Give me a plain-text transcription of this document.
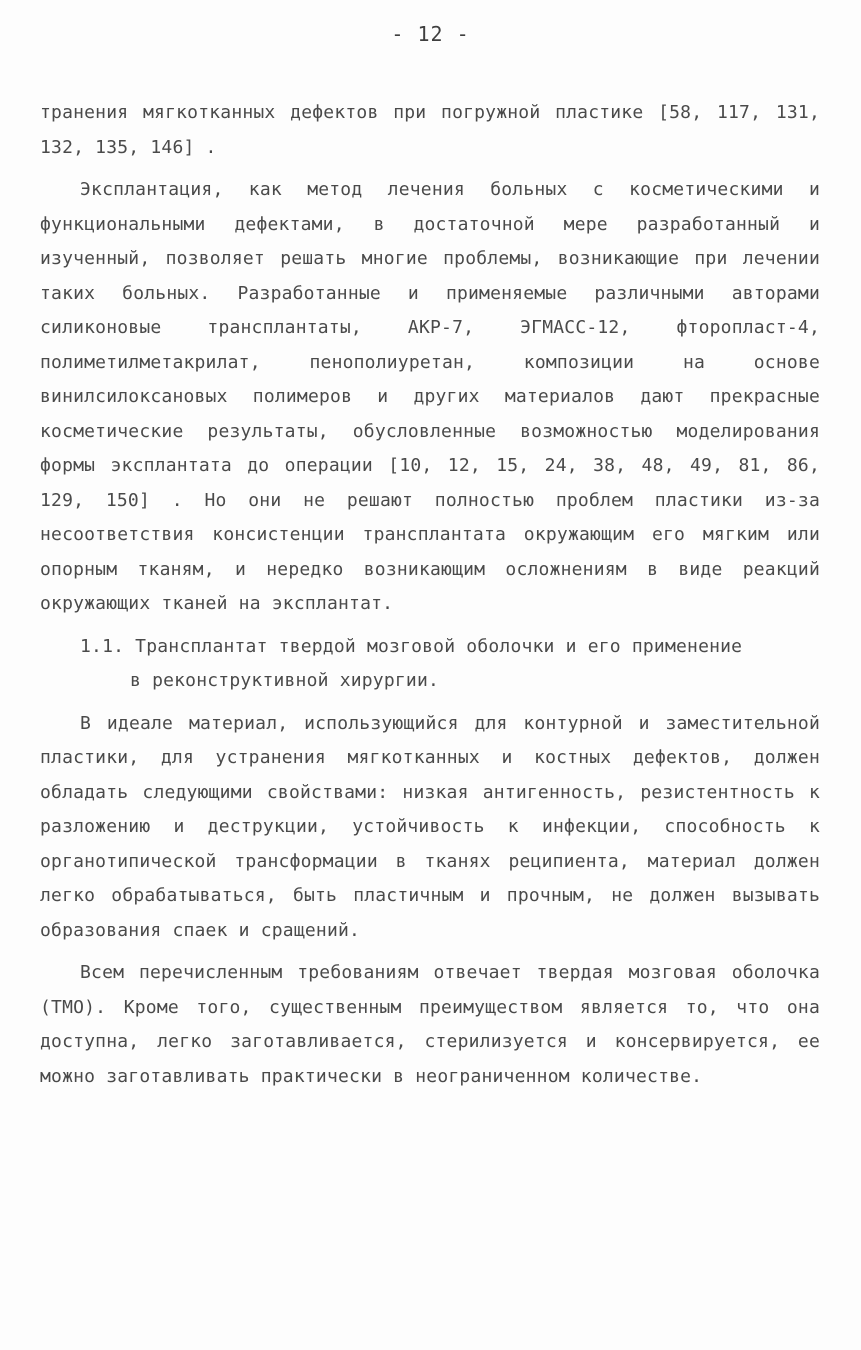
- 12 -

транения мягкотканных дефектов при погружной пластике [58, 117, 131, 132, 135, 146] .

Эксплантация, как метод лечения больных с косметическими и функциональными дефектами, в достаточной мере разработанный и изученный, позволяет решать многие проблемы, возникающие при лечении таких больных. Разработанные и применяемые различными авторами силиконовые трансплантаты, АКР-7, ЭГМАСС-12, фторопласт-4, полиметилметакрилат, пенополиуретан, композиции на основе винилсилоксановых полимеров и других материалов дают прекрасные косметические результаты, обусловленные возможностью моделирования формы эксплантата до операции [10, 12, 15, 24, 38, 48, 49, 81, 86, 129, 150] . Но они не решают полностью проблем пластики из-за несоответствия консистенции трансплантата окружающим его мягким или опорным тканям, и нередко возникающим осложнениям в виде реакций окружающих тканей на эксплантат.

1.1. Трансплантат твердой мозговой оболочки и его применение
в реконструктивной хирургии.

В идеале материал, использующийся для контурной и заместительной пластики, для устранения мягкотканных и костных дефектов, должен обладать следующими свойствами: низкая антигенность, резистентность к разложению и деструкции, устойчивость к инфекции, способность к органотипической трансформации в тканях реципиента, материал должен легко обрабатываться, быть пластичным и прочным, не должен вызывать образования спаек и сращений.

Всем перечисленным требованиям отвечает твердая мозговая оболочка (ТМО). Кроме того, существенным преимуществом является то, что она доступна, легко заготавливается, стерилизуется и консервируется, ее можно заготавливать практически в неограниченном количестве.
